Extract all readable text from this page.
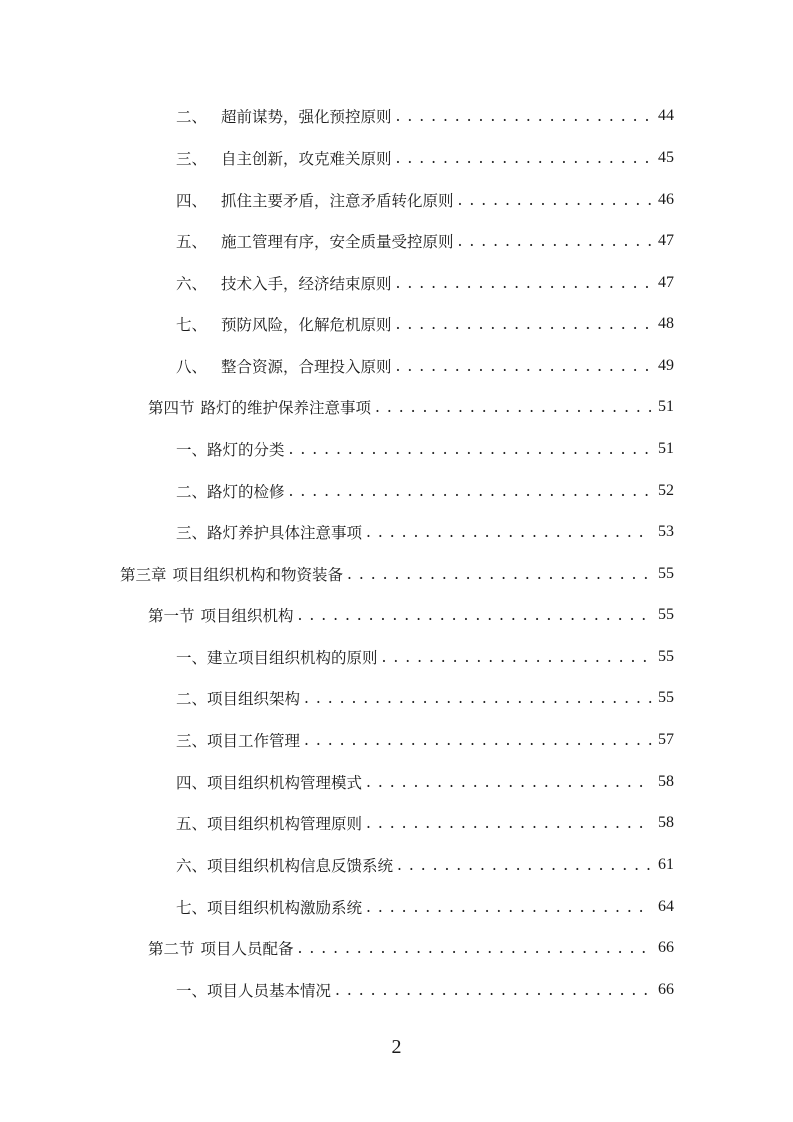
二、 超前谋势，强化预控原则 . . .	44
三、 自主创新，攻克难关原则 . . .	45
四、 抓住主要矛盾，注意矛盾转化原则 . . .	46
五、 施工管理有序，安全质量受控原则 . . .	47
六、 技术入手，经济结束原则 . . .	47
七、 预防风险，化解危机原则 . . .	48
八、 整合资源，合理投入原则 . . .	49
第四节 路灯的维护保养注意事项 . . .	51
一、 路灯的分类 . . .	51
二、 路灯的检修 . . .	52
三、 路灯养护具体注意事项 . . .	53
第三章 项目组织机构和物资装备 . . .	55
第一节 项目组织机构 . . .	55
一、 建立项目组织机构的原则 . . .	55
二、 项目组织架构 . . .	55
三、 项目工作管理 . . .	57
四、 项目组织机构管理模式 . . .	58
五、 项目组织机构管理原则 . . .	58
六、 项目组织机构信息反馈系统 . . .	61
七、 项目组织机构激励系统 . . .	64
第二节 项目人员配备 . . .	66
一、 项目人员基本情况 . . .	66
2
